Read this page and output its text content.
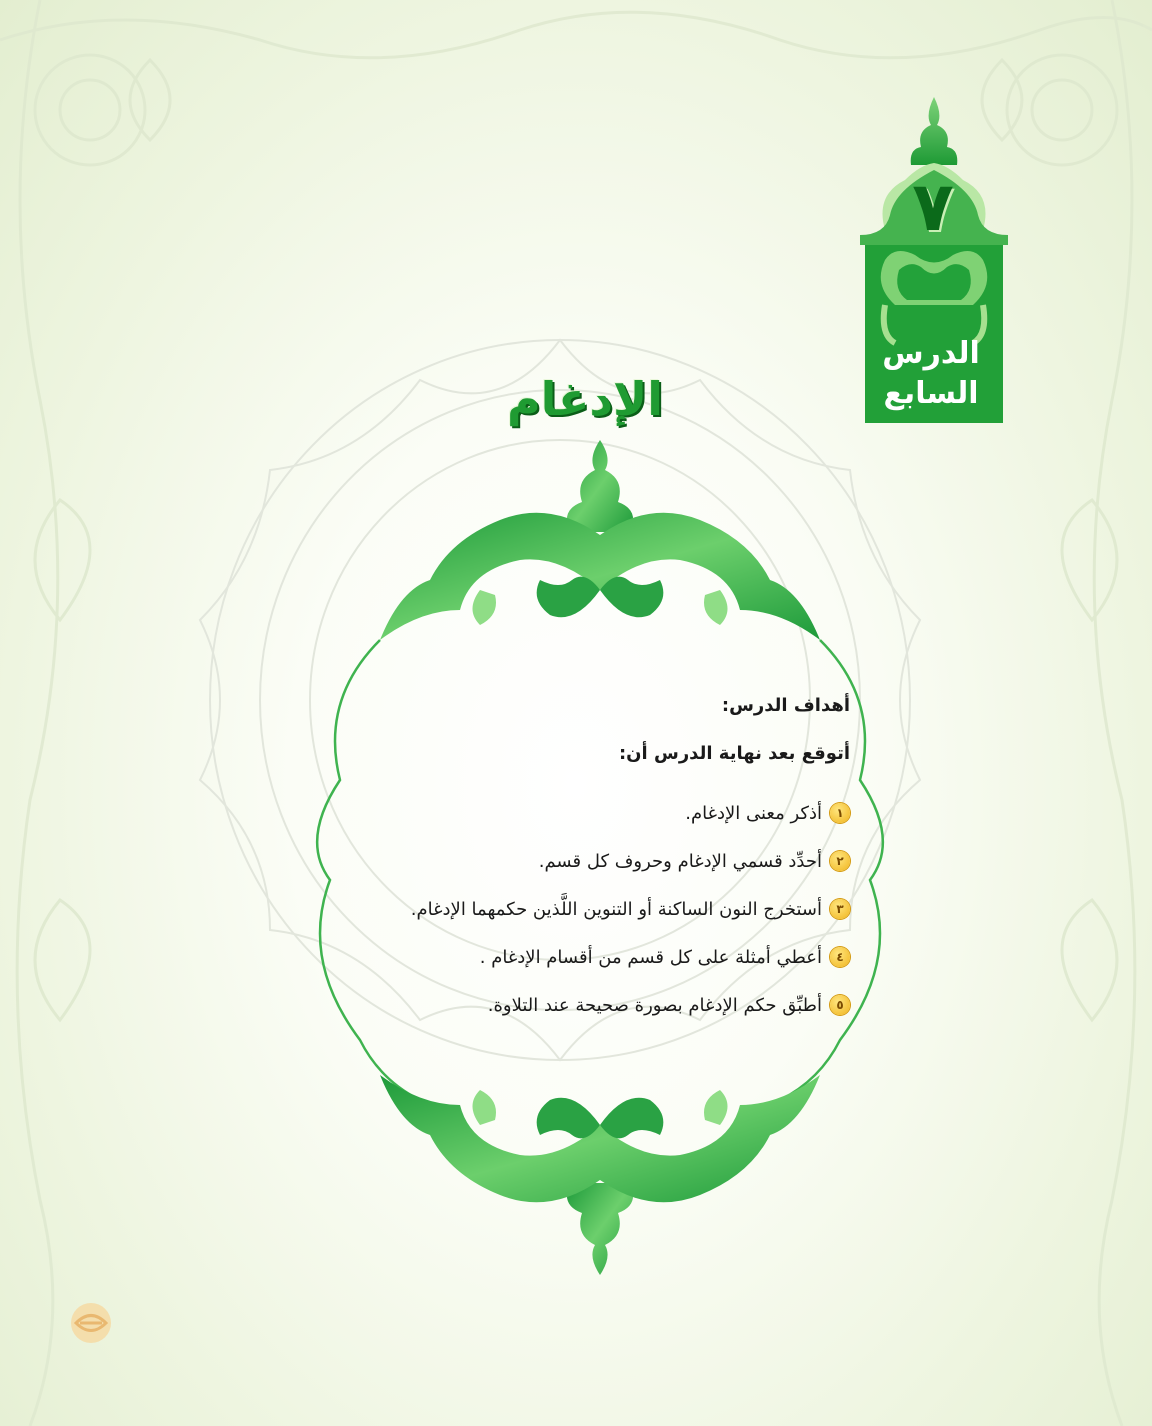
٧
الدرس
السابع
الإدغام

أهداف الدرس:

أتوقع بعد نهاية الدرس أن:

١
أذكر معنى الإدغام.
٢
أحدِّد قسمي الإدغام وحروف كل قسم.
٣
أستخرج النون الساكنة أو التنوين اللَّذين حكمهما الإدغام.
٤
أعطي أمثلة على كل قسم من أقسام الإدغام .
٥
أطبِّق حكم الإدغام بصورة صحيحة عند التلاوة.
